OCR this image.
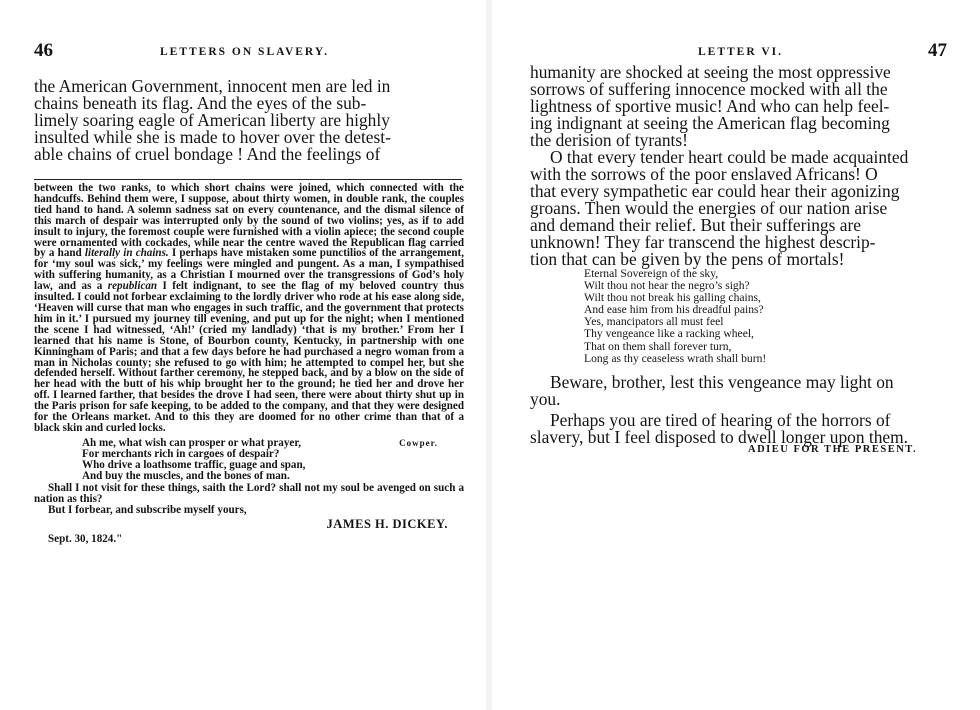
46	LETTERS ON SLAVERY.

the American Government, innocent men are led in

chains beneath its flag. And the eyes of the sub-

limely soaring eagle of American liberty are highly

insulted while she is made to hover over the detest-

able chains of cruel bondage ! And the feelings of

between the two ranks, to which short chains were joined, which connected with the handcuffs. Behind them were, I suppose, about thirty women, in double rank, the couples tied hand to hand. A solemn sadness sat on every countenance, and the dismal silence of this march of despair was interrupted only by the sound of two violins; yes, as if to add insult to injury, the foremost couple were furnished with a violin apiece; the second couple were ornamented with cockades, while near the centre waved the Republican flag carried by a hand literally in chains. I perhaps have mistaken some punctilios of the arrangement, for ‘my soul was sick,’ my feelings were mingled and pungent. As a man, I sympathised with suffering humanity, as a Christian I mourned over the transgressions of God’s holy law, and as a republican I felt indignant, to see the flag of my beloved country thus insulted. I could not forbear exclaiming to the lordly driver who rode at his ease along side, ‘Heaven will curse that man who engages in such traffic, and the government that protects him in it.’ I pursued my journey till evening, and put up for the night; when I mentioned the scene I had witnessed, ‘Ah!’ (cried my landlady) ‘that is my brother.’ From her I learned that his name is Stone, of Bourbon county, Kentucky, in partnership with one Kinningham of Paris; and that a few days before he had purchased a negro woman from a man in Nicholas county; she refused to go with him; he attempted to compel her, but she defended herself. Without farther ceremony, he stepped back, and by a blow on the side of her head with the butt of his whip brought her to the ground; he tied her and drove her off. I learned farther, that besides the drove I had seen, there were about thirty shut up in the Paris prison for safe keeping, to be added to the company, and that they were designed for the Orleans market. And to this they are doomed for no other crime than that of a black skin and curled locks.

Cowper.
Ah me, what wish can prosper or what prayer,
For merchants rich in cargoes of despair?
Who drive a loathsome traffic, guage and span,
And buy the muscles, and the bones of man.

Shall I not visit for these things, saith the Lord? shall not my soul be avenged on such a nation as this?

But I forbear, and subscribe myself yours,

JAMES H. DICKEY.

Sept. 30, 1824."

LETTER VI.	47

humanity are shocked at seeing the most oppressive

sorrows of suffering innocence mocked with all the

lightness of sportive music! And who can help feel-

ing indignant at seeing the American flag becoming

the derision of tyrants!

O that every tender heart could be made acquainted

with the sorrows of the poor enslaved Africans! O

that every sympathetic ear could hear their agonizing

groans. Then would the energies of our nation arise

and demand their relief. But their sufferings are

unknown! They far transcend the highest descrip-

tion that can be given by the pens of mortals!

Eternal Sovereign of the sky,
Wilt thou not hear the negro’s sigh?
Wilt thou not break his galling chains,
And ease him from his dreadful pains?
Yes, mancipators all must feel
Thy vengeance like a racking wheel,
That on them shall forever turn,
Long as thy ceaseless wrath shall burn!

Beware, brother, lest this vengeance may light on

you.

Perhaps you are tired of hearing of the horrors of

slavery, but I feel disposed to dwell longer upon them.

ADIEU FOR THE PRESENT.
